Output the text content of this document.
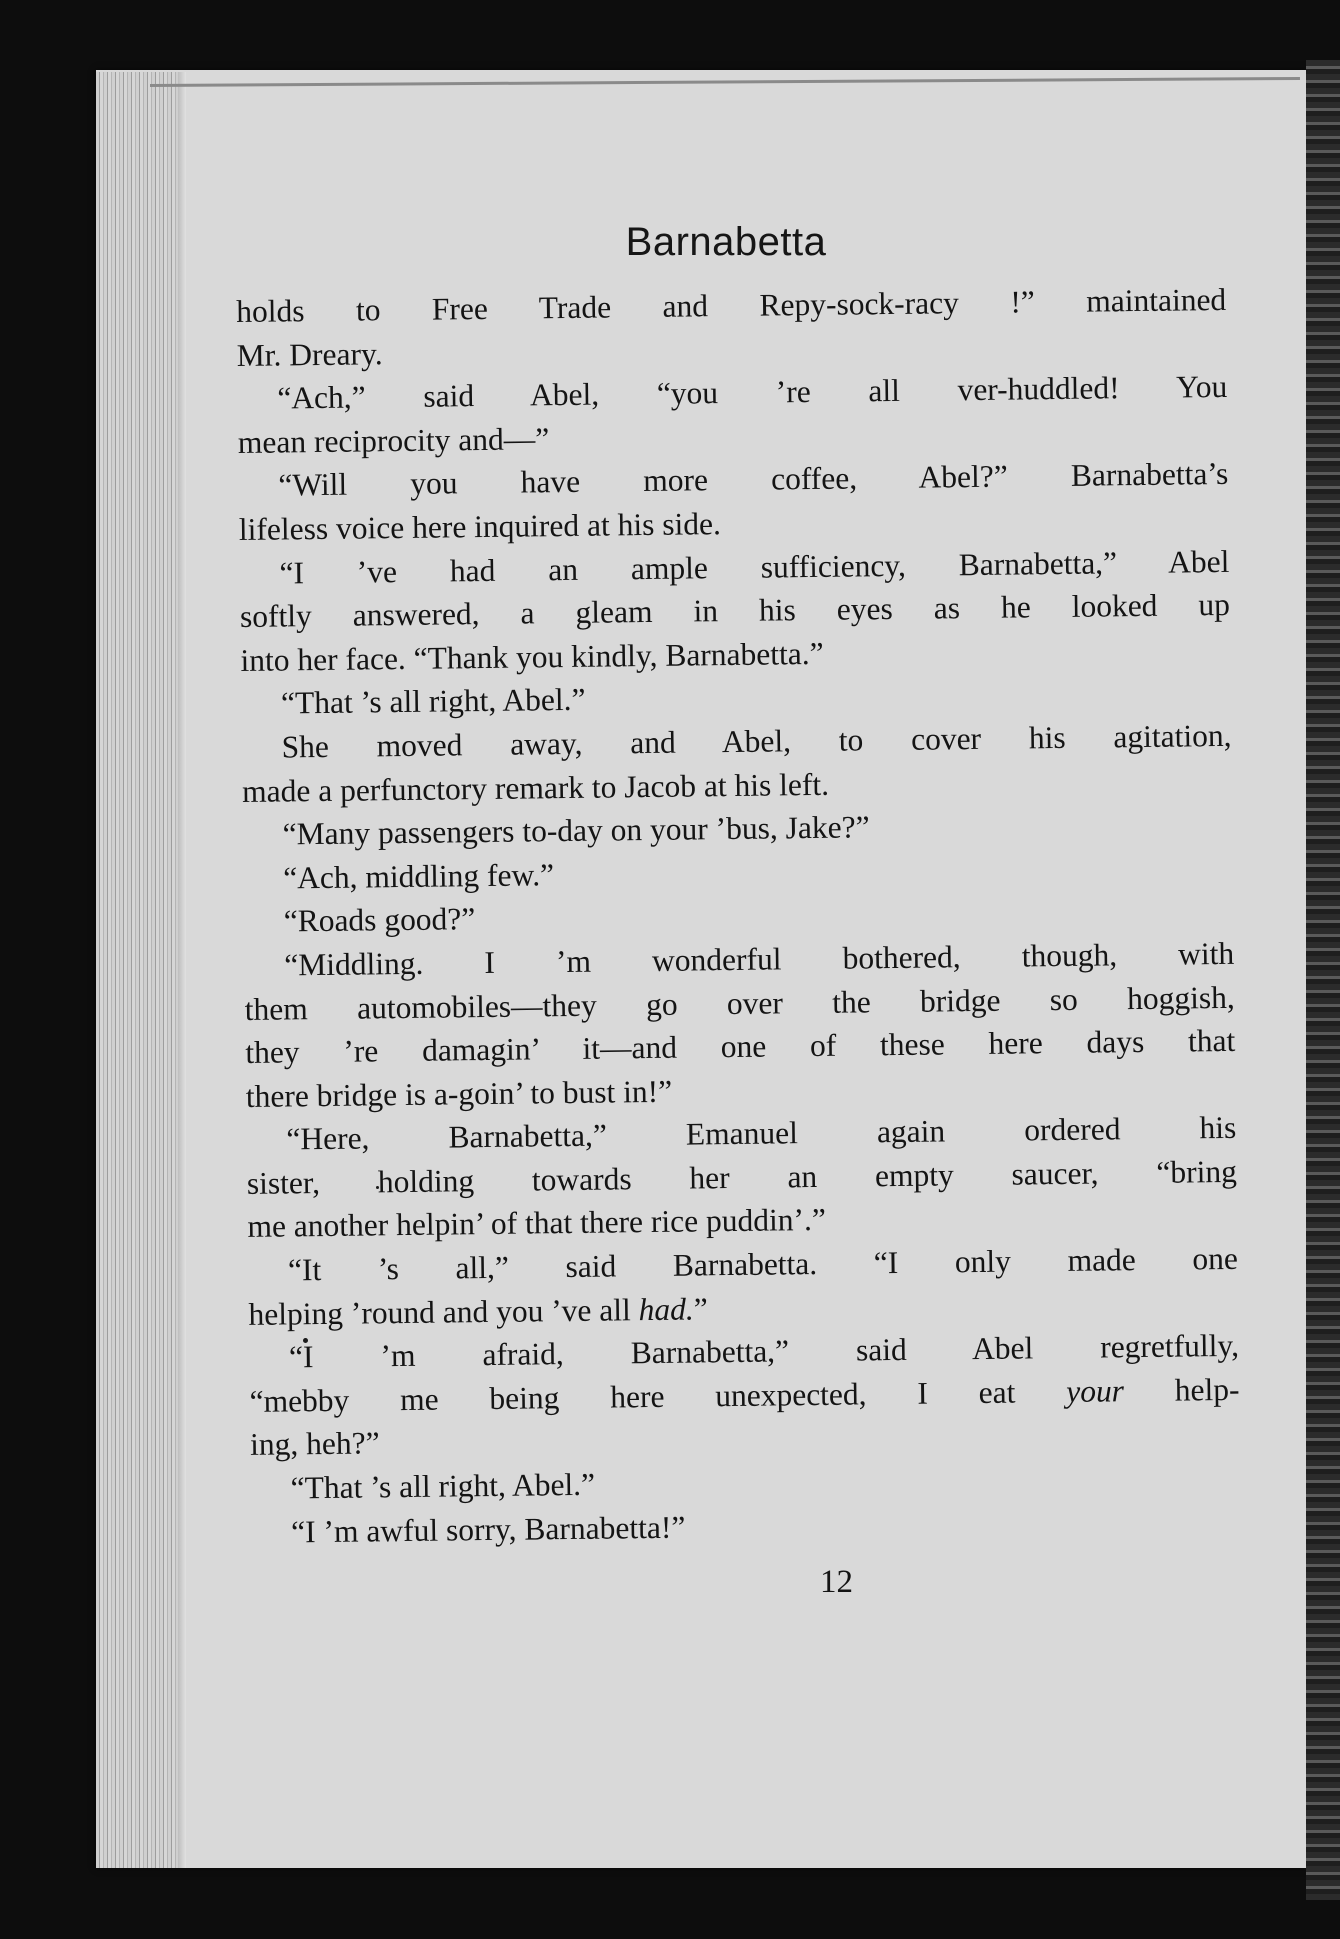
Barnabetta
holds to Free Trade and Repy-sock-racy !” maintained
Mr. Dreary.
“Ach,” said Abel, “you ’re all ver-huddled! You
mean reciprocity and—”
“Will you have more coffee, Abel?” Barnabetta’s
lifeless voice here inquired at his side.
“I ’ve had an ample sufficiency, Barnabetta,” Abel
softly answered, a gleam in his eyes as he looked up
into her face. “Thank you kindly, Barnabetta.”
“That ’s all right, Abel.”
She moved away, and Abel, to cover his agitation,
made a perfunctory remark to Jacob at his left.
“Many passengers to-day on your ’bus, Jake?”
“Ach, middling few.”
“Roads good?”
“Middling. I ’m wonderful bothered, though, with
them automobiles—they go over the bridge so hoggish,
they ’re damagin’ it—and one of these here days that
there bridge is a-goin’ to bust in!”
“Here, Barnabetta,” Emanuel again ordered his
sister, holding towards her an empty saucer, “bring
me another helpin’ of that there rice puddin’.”
“It ’s all,” said Barnabetta. “I only made one
helping ’round and you ’ve all had.”
“I ’m afraid, Barnabetta,” said Abel regretfully,
“mebby me being here unexpected, I eat your help-
ing, heh?”
“That ’s all right, Abel.”
“I ’m awful sorry, Barnabetta!”
12
